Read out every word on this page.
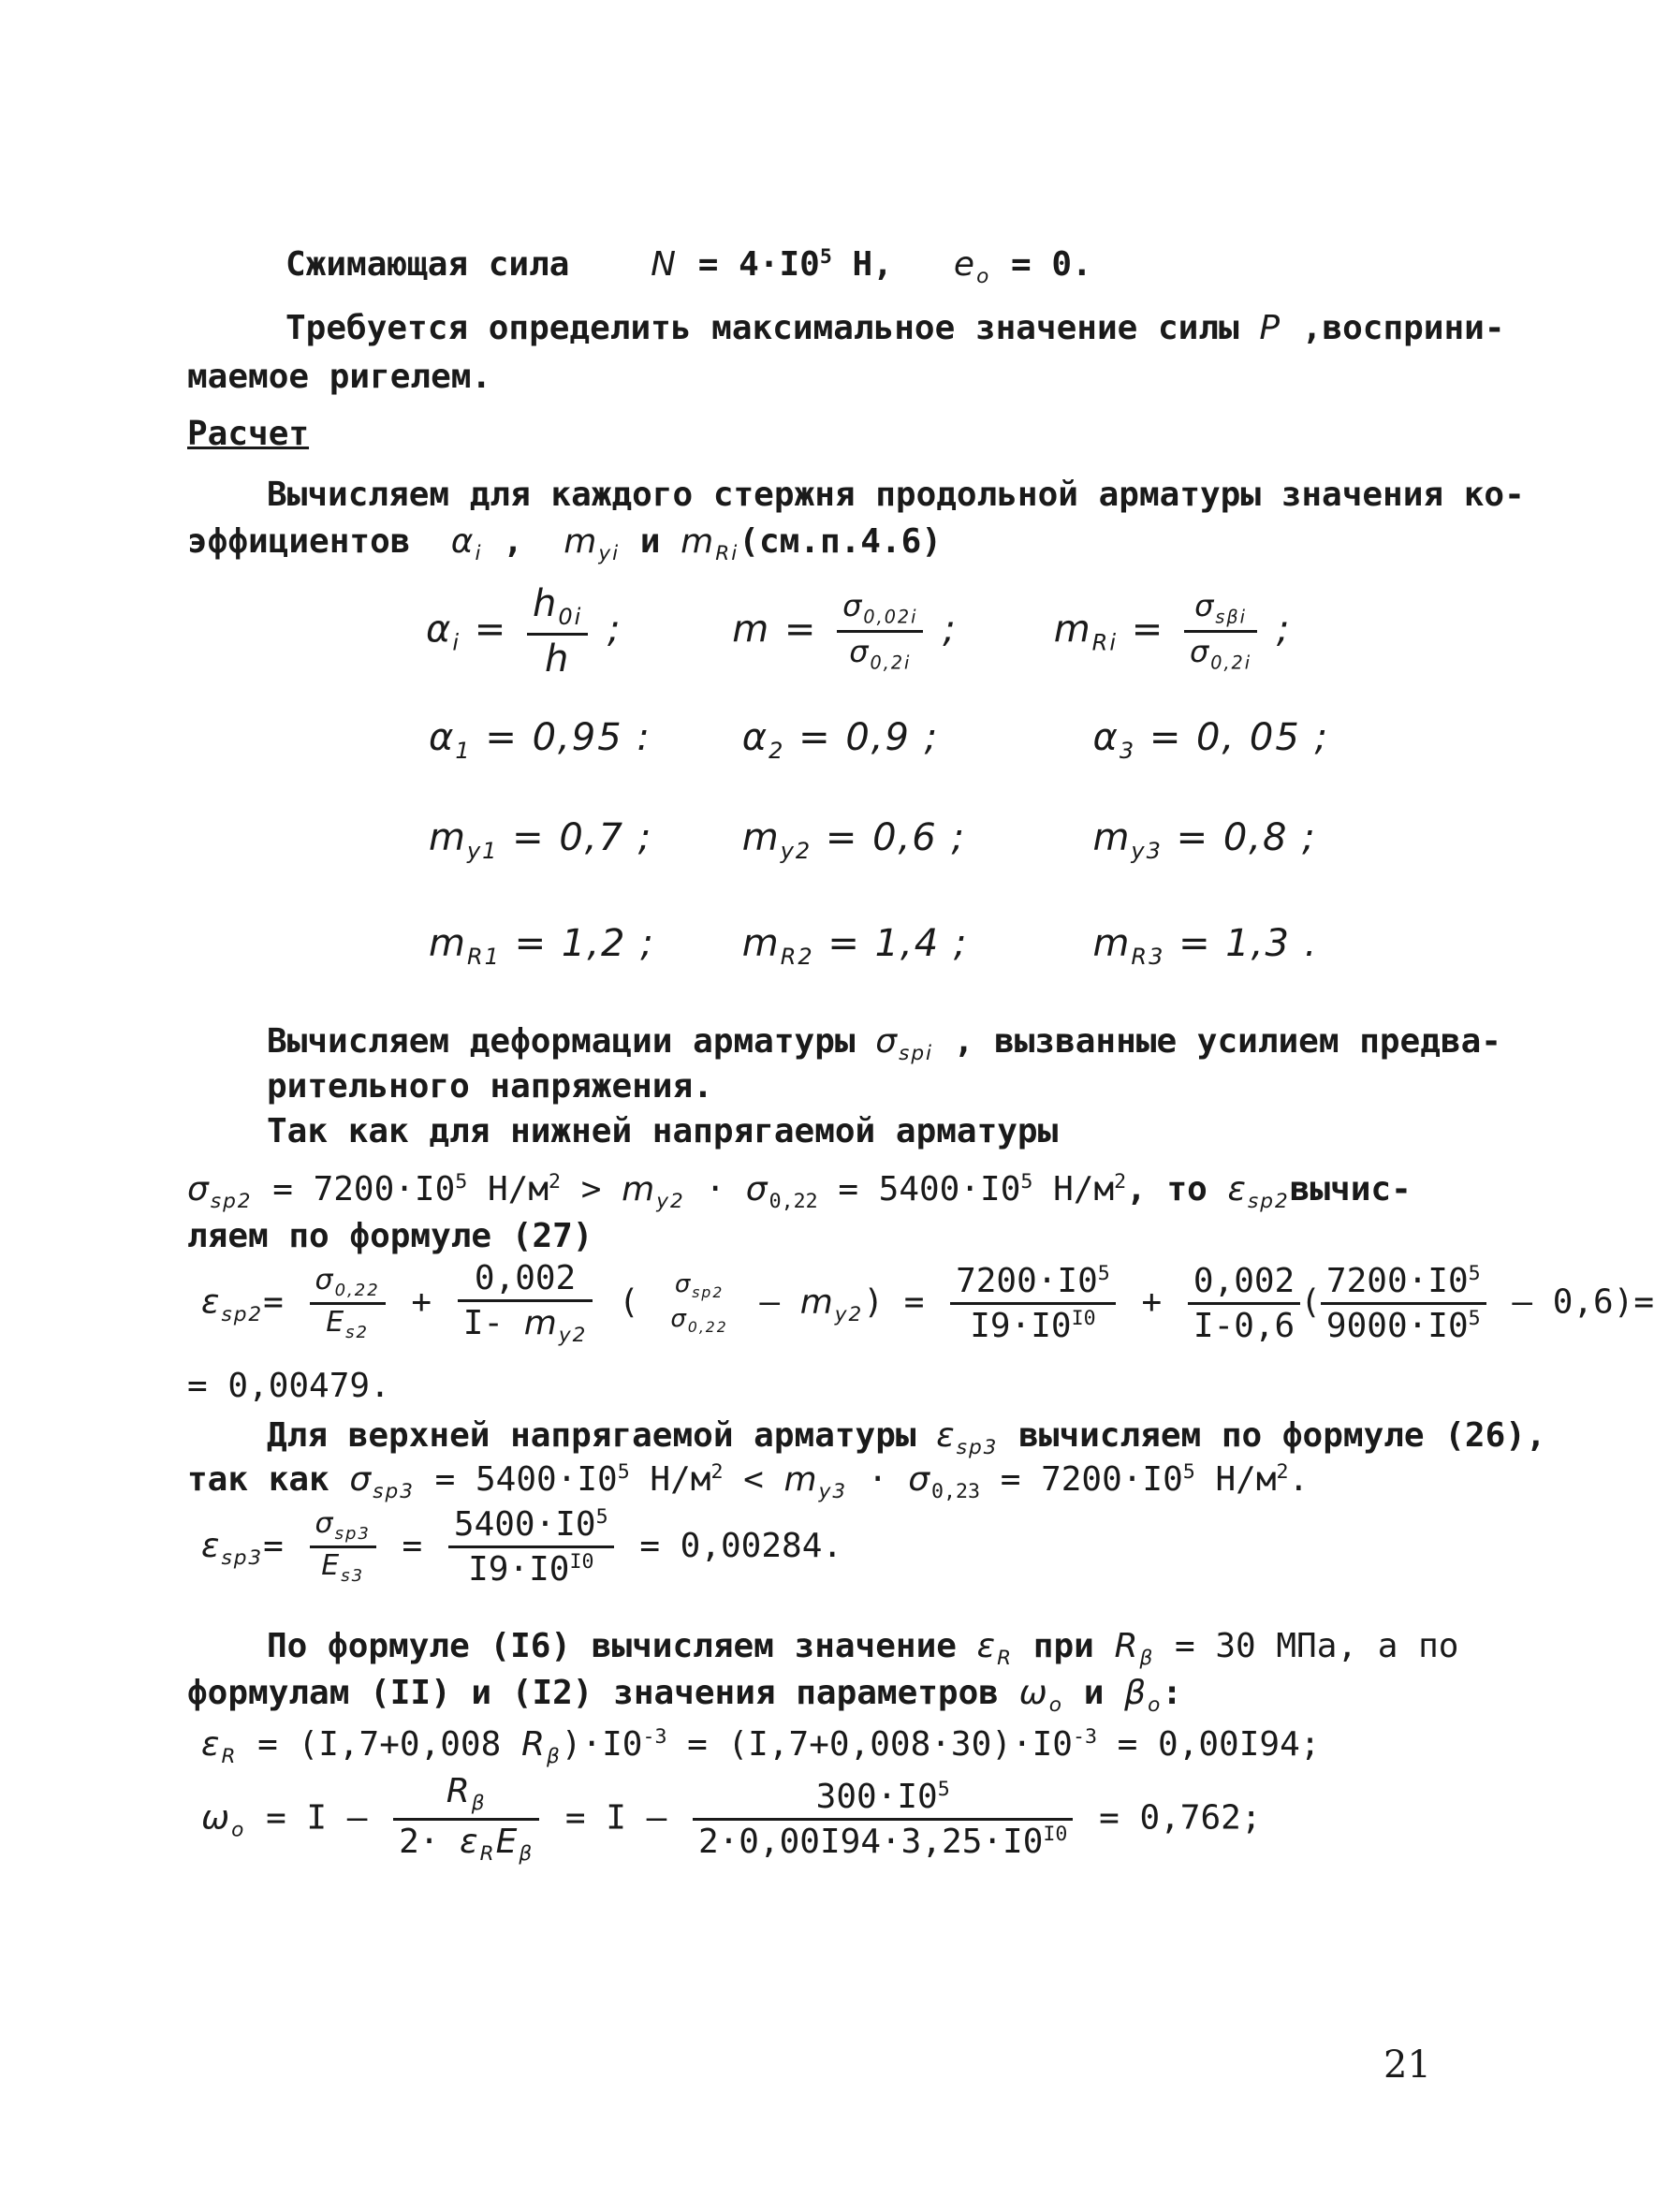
Сжимающая сила $N = 4\cdot I0^5$ Н, $e_o = 0$.
Требуется определить максимальное значение силы P ,восприни-
маемое ригелем.
Расчет
Вычисляем для каждого стержня продольной арматуры значения ко-
эффициентов $\alpha_i$ , $m_{yi}$ и $m_{Ri}(см.п.4.6)$
$\alpha_i = \frac{h_{0i}}{h}$ ;	$m = \frac{\sigma_{0,02i}}{\sigma_{0,2i}}$ ;	$m_{Ri} = \frac{\sigma_{s\beta i}}{\sigma_{0,2i}}$ ;
$\alpha_1 = 0,95$ : $\alpha_2 = 0,9$ ;	$\alpha_3 = 0$, 05 ;
$m_{y1} = 0,7$ ; $m_{y2} = 0,6$ ;	$m_{y3} = 0,8$ ;
$m_{R1} = 1,2$ ; $m_{R2} = 1,4$ ;	$m_{R3} = 1,3$ .
Вычисляем деформации арматуры $\sigma_{spi}$ , вызванные усилием предва-
рительного напряжения.
Так как для нижней напрягаемой арматуры
$\sigma_{sp2} = 7200\cdot I0^5$ $Н/м^2 > m_{y2} \cdot \sigma_{0,22} = 5400\cdot I0^5$ $Н/м^2$, то $\varepsilon_{sp2}вычис-$
ляем по формуле (27)
$\varepsilon_{sp2}= \frac{\sigma_{0,22}}{E_{s2}} + \frac{0,002}{I- m_{y2}}$ (	$\sigma_{sp2}$
$\sigma_{0,22}$
– $m_{y2}) = \frac{7200\cdot I0^5}{I9\cdot I0^{I0}} + \frac{0,002}{I-0,6}$ ( $\frac{7200\cdot I0^5}{9000\cdot I0^5} - 0,6)=$
= 0,00479.
Для верхней напрягаемой арматуры $\varepsilon_{sp3}$ вычисляем по формуле (26),
так как $\sigma_{sp3} = 5400\cdot I0^5$ $Н/м^2 < m_{y3} \cdot \sigma_{0,23} = 7200\cdot I0^5$ $Н/м^2$.
$\varepsilon_{sp3}= \frac{\sigma_{sp3}}{E_{s3}} = \frac{5400\cdot I0^5}{I9\cdot I0^{I0}} = 0,00284$.
По формуле (I6) вычисляем значение $\varepsilon_R$ при $R_\beta = 30$ МПа, а по
формулам (II) и (I2) значения параметров $\omega_o$ и $\beta_o$:
$\varepsilon_R = (I,7+0,008$ $R_\beta)\cdot I0^{-3} = (I,7+0,008\cdot 30)\cdot I0^{-3} = 0,00I94$;
$\omega_o = I - \frac{R_\beta}{2\cdot \varepsilon_RE_\beta} = I - \frac{300\cdot I0^5}{2\cdot 0,00I94\cdot 3,25\cdot I0^{I0}} = 0,762$;
21
